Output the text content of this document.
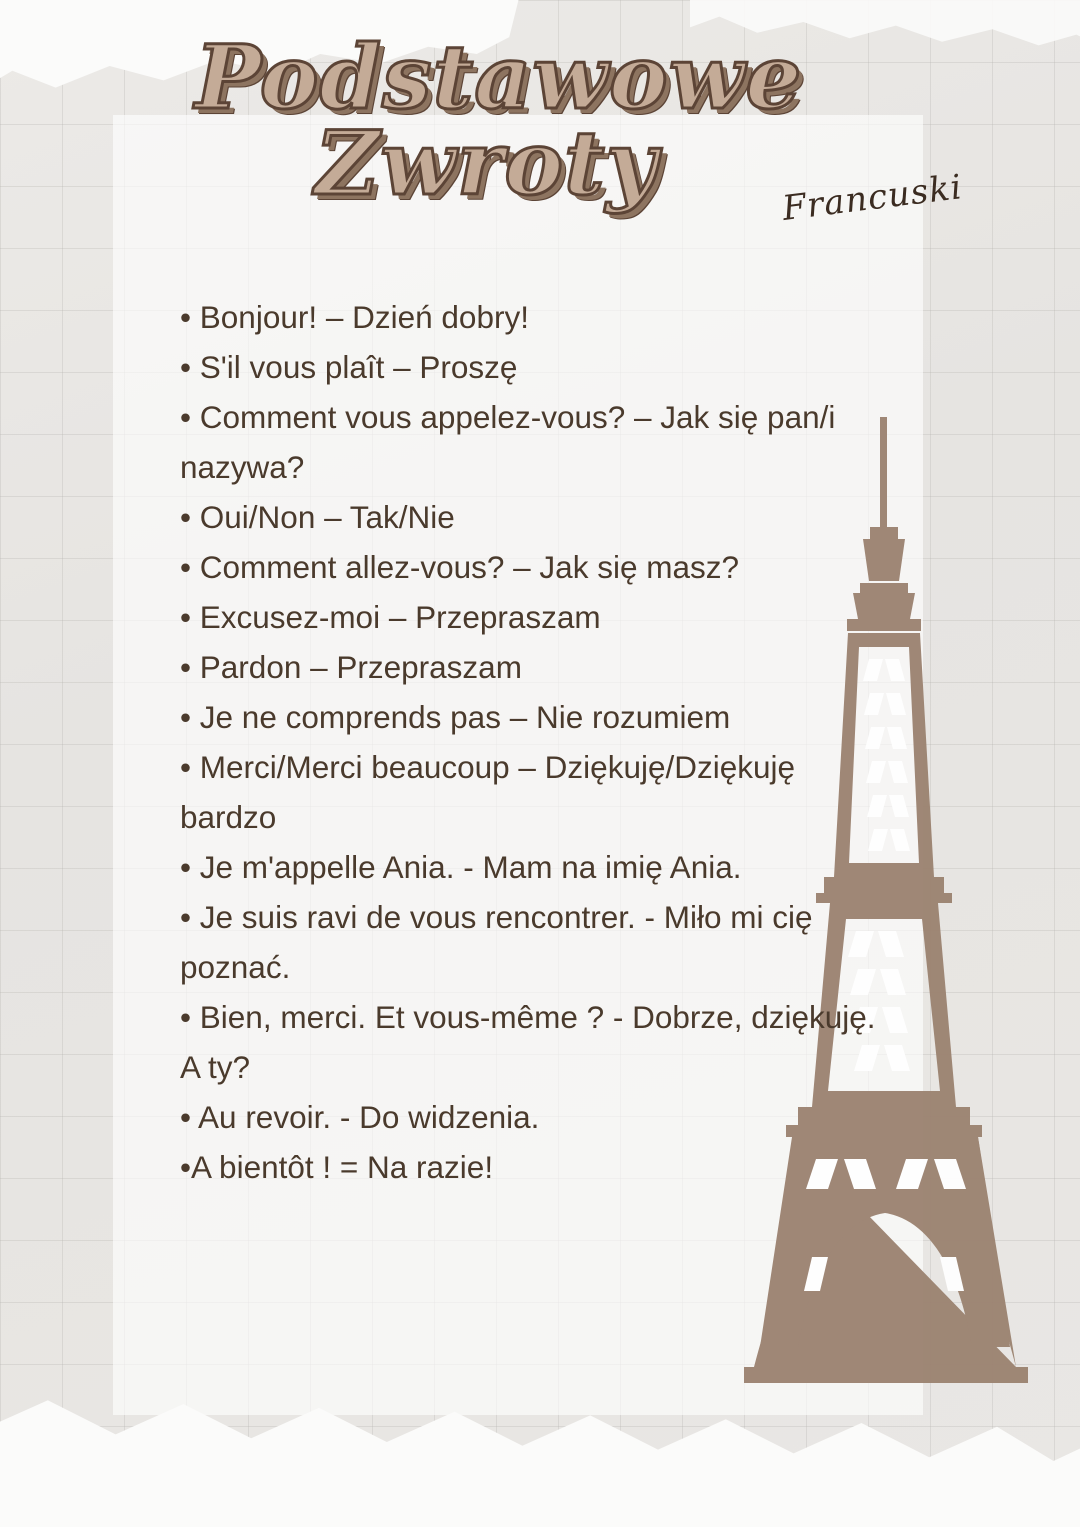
Podstawowe
Zwroty	Francuski

• Bonjour! – Dzień dobry!

• S'il vous plaît – Proszę

• Comment vous appelez-vous? – Jak się pan/i nazywa?

• Oui/Non – Tak/Nie

• Comment allez-vous? – Jak się masz?

• Excusez-moi – Przepraszam

• Pardon – Przepraszam

• Je ne comprends pas – Nie rozumiem

• Merci/Merci beaucoup – Dziękuję/Dziękuję bardzo

• Je m'appelle Ania. - Mam na imię Ania.

• Je suis ravi de vous rencontrer. - Miło mi cię poznać.

• Bien, merci. Et vous-même ? - Dobrze, dziękuję. A ty?

• Au revoir. - Do widzenia.

•A bientôt ! = Na razie!
